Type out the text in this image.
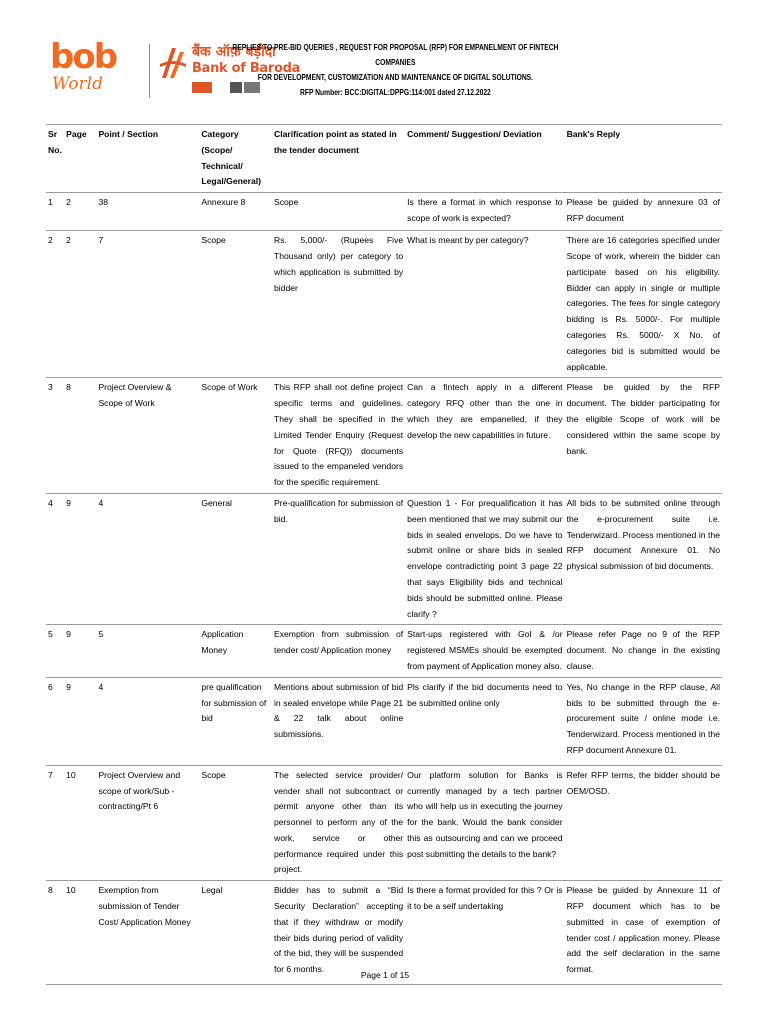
bob
World
बैंक ऑफ़ बड़ौदा
Bank of Baroda
REPLIES TO PRE-BID QUERIES , REQUEST FOR PROPOSAL (RFP) FOR EMPANELMENT OF FINTECH COMPANIES
FOR DEVELOPMENT, CUSTOMIZATION AND MAINTENANCE OF DIGITAL SOLUTIONS.
RFP Number: BCC:DIGITAL:DPPG:114:001 dated 27.12.2022
Sr No.	Page	Point / Section	Category (Scope/ Technical/ Legal/General)	Clarification point as stated in the tender document	Comment/ Suggestion/ Deviation	Bank's Reply
1	2	38	Annexure 8	Scope	Is there a format in which response to scope of work is expected?	Please be guided by annexure 03 of RFP document
2	2	7	Scope	Rs. 5,000/- (Rupees Five Thousand only) per category to which application is submitted by bidder	What is meant by per category?	There are 16 categories specified under Scope of work, wherein the bidder can participate based on his eligibility. Bidder can apply in single or multiple categories. The fees for single category bidding is Rs. 5000/-. For multiple categories Rs. 5000/- X No. of categories bid is submitted would be applicable.
3	8	Project Overview & Scope of Work	Scope of Work	This RFP shall not define project specific terms and guidelines. They shall be specified in the Limited Tender Enquiry (Request for Quote (RFQ)) documents issued to the empaneled vendors for the specific requirement.	Can a fintech apply in a different category RFQ other than the one in which they are empanelled, if they develop the new capabilities in future.	Please be guided by the RFP document. The bidder participating for the eligible Scope of work will be considered within the same scope by bank.
4	9	4	General	Pre-qualification for submission of bid.	Question 1 - For prequalification it has been mentioned that we may submit our bids in sealed envelops. Do we have to submit online or share bids in sealed envelope contradicting point 3 page 22 that says Eligibility bids and technical bids should be submitted online. Please clarify ?	All bids to be submited online through the e-procurement suite i.e. Tenderwizard. Process mentioned in the RFP document Annexure 01. No physical submission of bid documents.
5	9	5	Application Money	Exemption from submission of tender cost/ Application money	Start-ups registered with GoI & /or registered MSMEs should be exempted from payment of Application money also.	Please refer Page no 9 of the RFP document. No change in the existing clause.
6	9	4	pre qualification for submission of bid	Mentions about submission of bid in sealed envelope while Page 21 & 22 talk about online submissions.	Pls clarify if the bid documents need to be submitted online only	Yes, No change in the RFP clause, All bids to be submitted through the e-procurement suite / online mode i.e. Tenderwizard. Process mentioned in the RFP document Annexure 01.
7	10	Project Overview and scope of work/Sub - contracting/Pt 6	Scope	The selected service provider/ vender shall not subcontract or permit anyone other than its personnel to perform any of the work, service or other performance required under this project.	Our platform solution for Banks is currently managed by a tech partner who will help us in executing the journey for the bank. Would the bank consider this as outsourcing and can we proceed post submitting the details to the bank?	Refer RFP terms, the bidder should be OEM/OSD.
8	10	Exemption from submission of Tender Cost/ Application Money	Legal	Bidder has to submit a “Bid Security Declaration” accepting that if they withdraw or modify their bids during period of validity of the bid, they will be suspended for 6 months.	Is there a format provided for this ? Or is it to be a self undertaking	Please be guided by Annexure 11 of RFP document which has to be submitted in case of exemption of tender cost / application money. Please add the self declaration in the same format.
Page 1 of 15
